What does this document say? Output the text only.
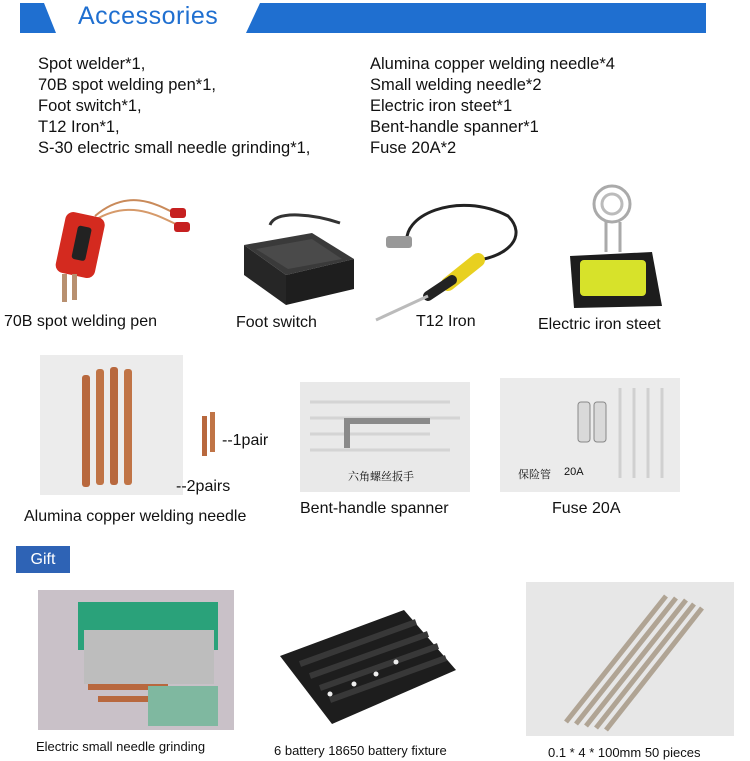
Accessories
Spot welder*1,
70B spot welding pen*1,
Foot switch*1,
T12 Iron*1,
S-30 electric small needle grinding*1,
Alumina copper welding needle*4
Small welding needle*2
Electric iron steet*1
Bent-handle spanner*1
Fuse 20A*2
70B spot welding pen	Foot switch	T12 Iron	Electric iron steet
--1pair
--2pairs
Alumina copper welding needle
六角螺丝扳手
Bent-handle spanner
保险管 20A
Fuse 20A
Gift
Electric small needle grinding	6 battery 18650 battery fixture	0.1 * 4 * 100mm 50 pieces
